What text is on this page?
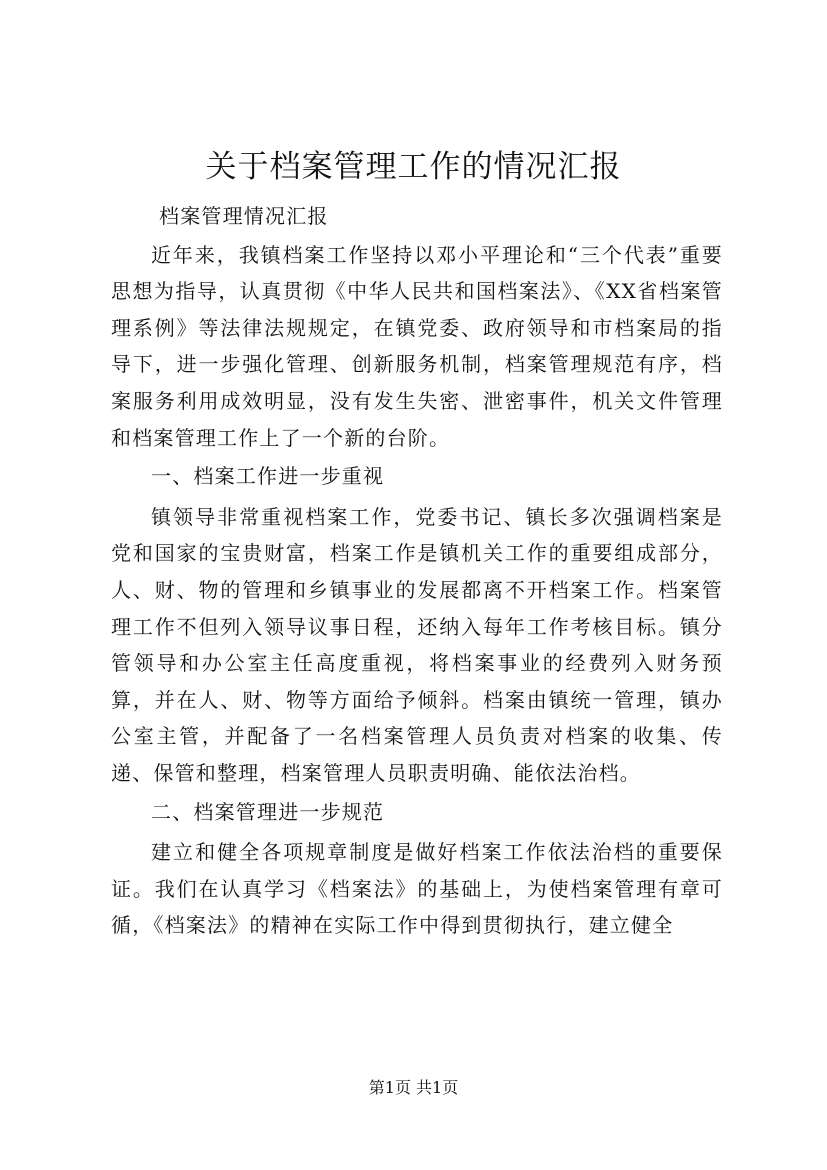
关于档案管理工作的情况汇报

档案管理情况汇报

近年来，我镇档案工作坚持以邓小平理论和“三个代表”重要思想为指导，认真贯彻《中华人民共和国档案法》、《XX省档案管理系例》等法律法规规定，在镇党委、政府领导和市档案局的指导下，进一步强化管理、创新服务机制，档案管理规范有序，档案服务利用成效明显，没有发生失密、泄密事件，机关文件管理和档案管理工作上了一个新的台阶。

一、档案工作进一步重视

镇领导非常重视档案工作，党委书记、镇长多次强调档案是党和国家的宝贵财富，档案工作是镇机关工作的重要组成部分，人、财、物的管理和乡镇事业的发展都离不开档案工作。档案管理工作不但列入领导议事日程，还纳入每年工作考核目标。镇分管领导和办公室主任高度重视，将档案事业的经费列入财务预算，并在人、财、物等方面给予倾斜。档案由镇统一管理，镇办公室主管，并配备了一名档案管理人员负责对档案的收集、传递、保管和整理，档案管理人员职责明确、能依法治档。

二、档案管理进一步规范

建立和健全各项规章制度是做好档案工作依法治档的重要保证。我们在认真学习《档案法》的基础上，为使档案管理有章可循，《档案法》的精神在实际工作中得到贯彻执行，建立健全

第1页 共1页
